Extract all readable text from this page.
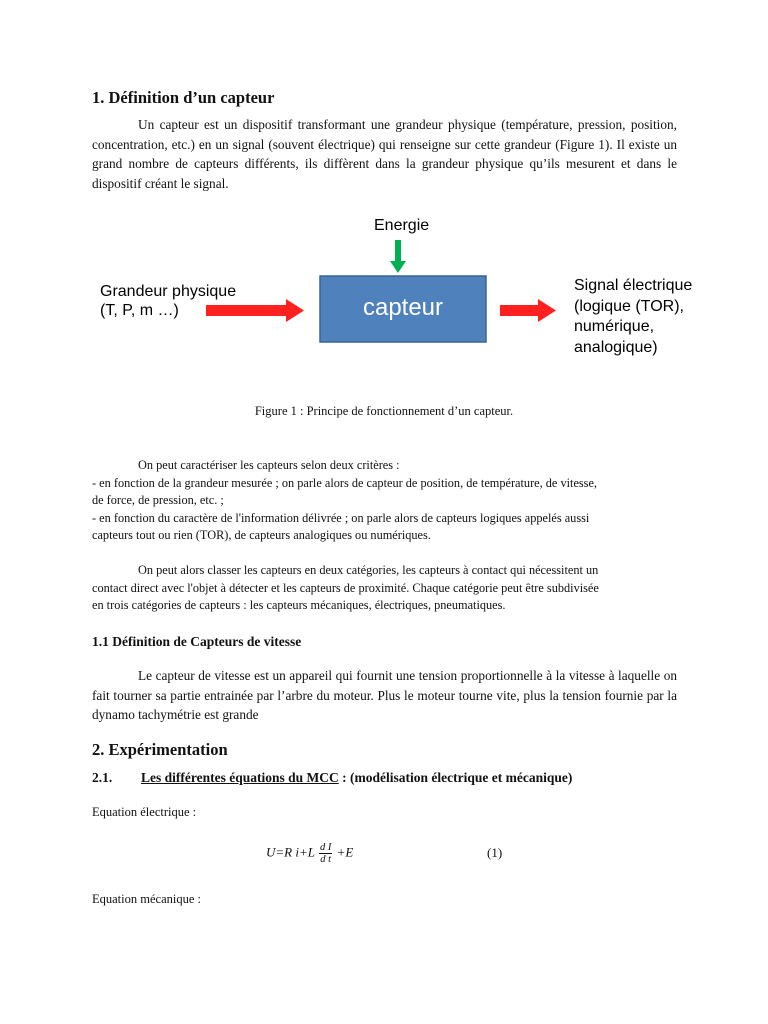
1. Définition d’un capteur

Un capteur est un dispositif transformant une grandeur physique (température, pression, position, concentration, etc.) en un signal (souvent électrique) qui renseigne sur cette grandeur (Figure 1). Il existe un grand nombre de capteurs différents, ils diffèrent dans la grandeur physique qu’ils mesurent et dans le dispositif créant le signal.

Energie
Grandeur physique
(T, P, m …)	capteur
Signal électrique
(logique (TOR),
numérique,
analogique)
Figure 1 : Principe de fonctionnement d’un capteur.
On peut caractériser les capteurs selon deux critères :
- en fonction de la grandeur mesurée ; on parle alors de capteur de position, de température, de vitesse,
de force, de pression, etc. ;
- en fonction du caractère de l'information délivrée ; on parle alors de capteurs logiques appelés aussi
capteurs tout ou rien (TOR), de capteurs analogiques ou numériques.
On peut alors classer les capteurs en deux catégories, les capteurs à contact qui nécessitent un
contact direct avec l'objet à détecter et les capteurs de proximité. Chaque catégorie peut être subdivisée
en trois catégories de capteurs : les capteurs mécaniques, électriques, pneumatiques.
1.1 Définition de Capteurs de vitesse

Le capteur de vitesse est un appareil qui fournit une tension proportionnelle à la vitesse à laquelle on fait tourner sa partie entrainée par l’arbre du moteur. Plus le moteur tourne vite, plus la tension fournie par la dynamo tachymétrie est grande

2. Expérimentation
2.1. Les différentes équations du MCC : (modélisation électrique et mécanique)
Equation électrique :
U=R $i+L \frac{\text{d I}}{\text{d t}} +E$	(1)
Equation mécanique :
